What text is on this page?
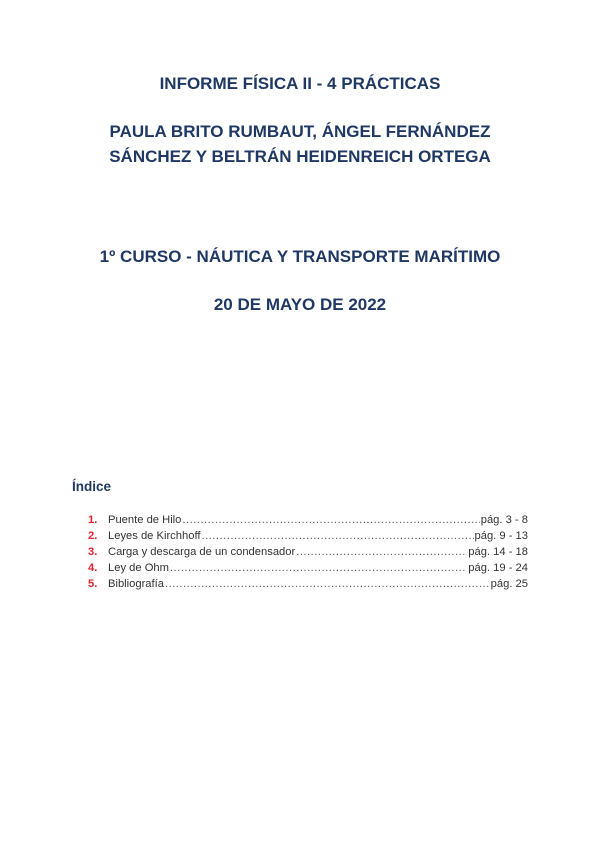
INFORME FÍSICA II - 4 PRÁCTICAS
PAULA BRITO RUMBAUT, ÁNGEL FERNÁNDEZ
SÁNCHEZ Y BELTRÁN HEIDENREICH ORTEGA
1º CURSO - NÁUTICA Y TRANSPORTE MARÍTIMO
20 DE MAYO DE 2022
Índice
1. Puente de Hilo .....	pág. 3 - 8
2. Leyes de Kirchhoff .....	pág. 9 - 13
3. Carga y descarga de un condensador .....	pág. 14 - 18
4. Ley de Ohm .....	pág. 19 - 24
5. Bibliografía .....	pág. 25
